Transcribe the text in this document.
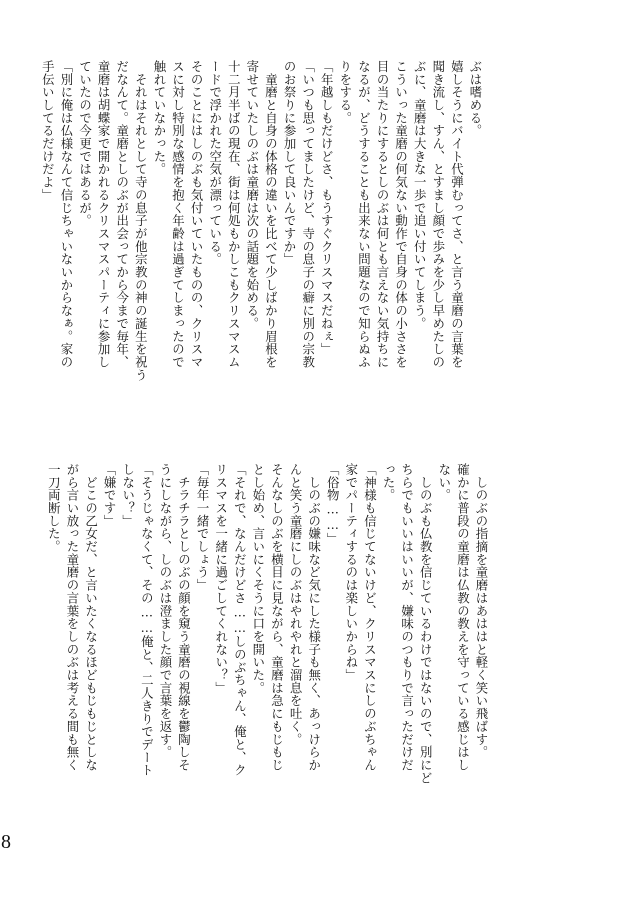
ぶは嗜める。
嬉しそうにバイト代弾むってさ、と言う童磨の言葉を
聞き流し、すん、とすまし顔で歩みを少し早めたしの
ぶに、童磨は大きな一歩で追い付いてしまう。
こういった童磨の何気ない動作で自身の体の小ささを
目の当たりにするとしのぶは何とも言えない気持ちに
なるが、どうすることも出来ない問題なので知らぬふ
りをする。
「年越しもだけどさ、もうすぐクリスマスだねぇ」
「いつも思ってましたけど、寺の息子の癖に別の宗教
のお祭りに参加して良いんですか」
　童磨と自身の体格の違いを比べて少しばかり眉根を
寄せていたしのぶは童磨は次の話題を始める。
十二月半ばの現在、街は何処もかしこもクリスマスム
ードで浮かれた空気が漂っている。
そのことにはしのぶも気付いていたものの、クリスマ
スに対し特別な感情を抱く年齢は過ぎてしまったので
触れていなかった。
　それはそれとして寺の息子が他宗教の神の誕生を祝う
だなんて。童磨としのぶが出会ってから今まで毎年、
童磨は胡蝶家で開かれるクリスマスパーティに参加し
ていたので今更ではあるが。
「別に俺は仏様なんて信じちゃいないからなぁ。家の
手伝いしてるだけだよ」
　しのぶの指摘を童磨はあははと軽く笑い飛ばす。
確かに普段の童磨は仏教の教えを守っている感じはし
ない。
　しのぶも仏教を信じているわけではないので、別にど
ちらでもいいはいいが、嫌味のつもりで言っただけだ
った。
「神様も信じてないけど、クリスマスにしのぶちゃん
家でパーティするのは楽しいからね」
「俗物……」
　しのぶの嫌味など気にした様子も無く、あっけらか
んと笑う童磨にしのぶはやれやれと溜息を吐く。
そんなしのぶを横目に見ながら、童磨は急にもじもじ
とし始め、言いにくそうに口を開いた。
「それで、なんだけどさ……しのぶちゃん、俺と、ク
リスマスを一緒に過ごしてくれない？」
「毎年一緒でしょう」
　チラチラとしのぶの顔を窺う童磨の視線を鬱陶しそ
うにしながら、しのぶは澄ました顔で言葉を返す。
「そうじゃなくて、その……俺と、二人きりでデート
しない？」
「嫌です」
　どこの乙女だ、と言いたくなるほどもじもじとしな
がら言い放った童磨の言葉をしのぶは考える間も無く
一刀両断した。
8
